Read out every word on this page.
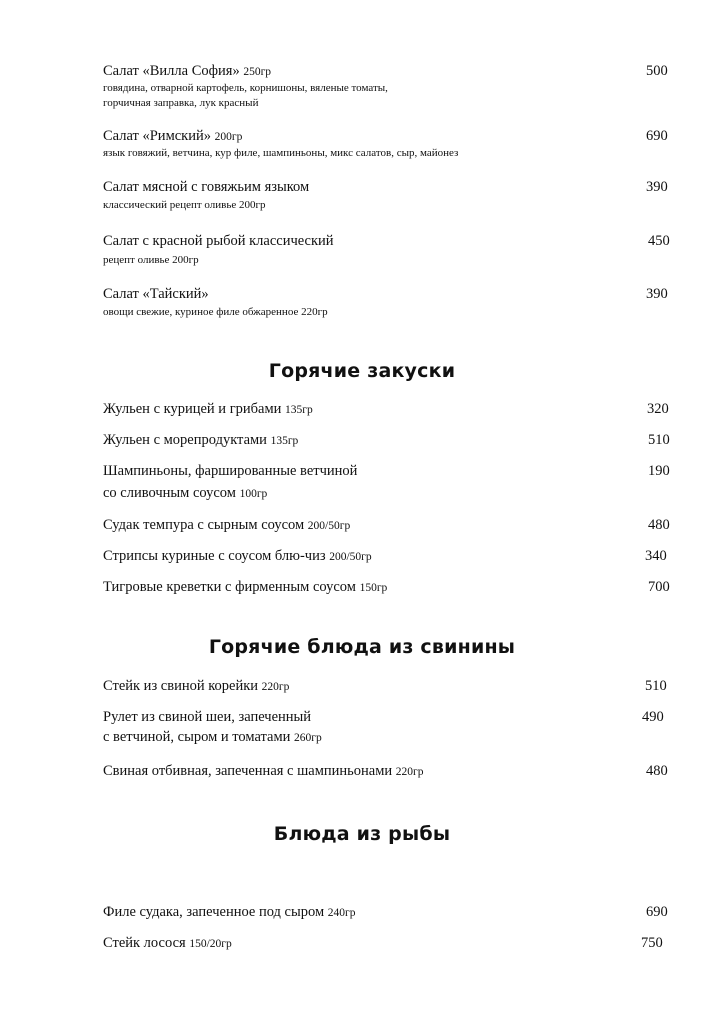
Салат «Вилла София» 250гр
говядина, отварной картофель, корнишоны, вяленые томаты,
горчичная заправка, лук красный
500
Салат «Римский» 200гр
язык говяжий, ветчина, кур филе, шампиньоны, микс салатов, сыр, майонез
690
Салат мясной с говяжьим языком
классический рецепт оливье 200гр
390
Салат с красной рыбой классический
рецепт оливье 200гр
450
Салат «Тайский»
овощи свежие, куриное филе обжаренное 220гр
390
Горячие закуски
Жульен с курицей и грибами 135гр	320
Жульен с морепродуктами 135гр	510
Шампиньоны, фаршированные ветчиной
со сливочным соусом 100гр
190
Судак темпура с сырным соусом 200/50гр	480
Стрипсы куриные с соусом блю-чиз 200/50гр	340
Тигровые креветки с фирменным соусом 150гр	700
Горячие блюда из свинины
Стейк из свиной корейки 220гр	510
Рулет из свиной шеи, запеченный
с ветчиной, сыром и томатами 260гр
490
Свиная отбивная, запеченная с шампиньонами 220гр	480
Блюда из рыбы
Филе судака, запеченное под сыром 240гр	690
Стейк лосося 150/20гр	750
